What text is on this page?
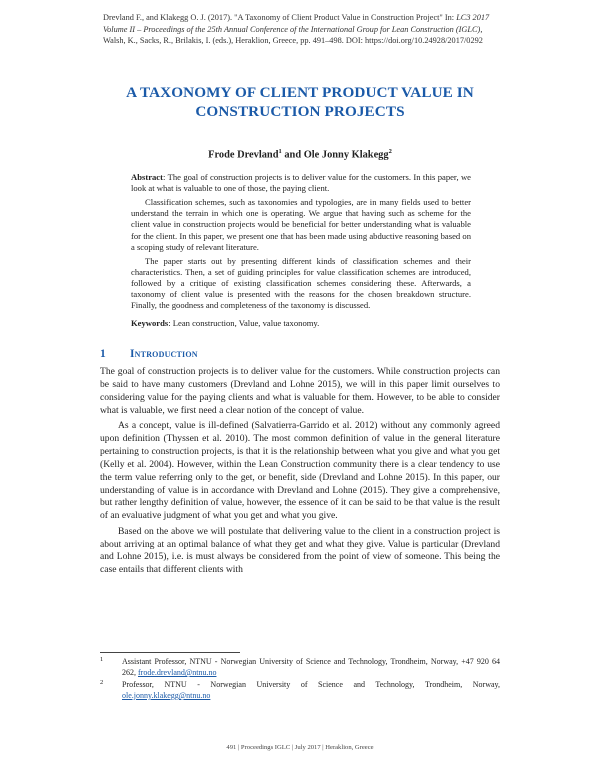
Drevland F., and Klakegg O. J. (2017). "A Taxonomy of Client Product Value in Construction Project" In: LC3 2017 Volume II – Proceedings of the 25th Annual Conference of the International Group for Lean Construction (IGLC), Walsh, K., Sacks, R., Brilakis, I. (eds.), Heraklion, Greece, pp. 491–498. DOI: https://doi.org/10.24928/2017/0292
A TAXONOMY OF CLIENT PRODUCT VALUE IN
CONSTRUCTION PROJECTS
Frode Drevland$^1$ and Ole Jonny Klakegg$^2$

Abstract: The goal of construction projects is to deliver value for the customers. In this paper, we look at what is valuable to one of those, the paying client.

Classification schemes, such as taxonomies and typologies, are in many fields used to better understand the terrain in which one is operating. We argue that having such as scheme for the client value in construction projects would be beneficial for better understanding what is valuable for the client. In this paper, we present one that has been made using abductive reasoning based on a scoping study of relevant literature.

The paper starts out by presenting different kinds of classification schemes and their characteristics. Then, a set of guiding principles for value classification schemes are introduced, followed by a critique of existing classification schemes considering these. Afterwards, a taxonomy of client value is presented with the reasons for the chosen breakdown structure. Finally, the goodness and completeness of the taxonomy is discussed.

Keywords: Lean construction, Value, value taxonomy.
1 Introduction

The goal of construction projects is to deliver value for the customers. While construction projects can be said to have many customers (Drevland and Lohne 2015), we will in this paper limit ourselves to considering value for the paying clients and what is valuable for them. However, to be able to consider what is valuable, we first need a clear notion of the concept of value.

As a concept, value is ill-defined (Salvatierra-Garrido et al. 2012) without any commonly agreed upon definition (Thyssen et al. 2010). The most common definition of value in the general literature pertaining to construction projects, is that it is the relationship between what you give and what you get (Kelly et al. 2004). However, within the Lean Construction community there is a clear tendency to use the term value referring only to the get, or benefit, side (Drevland and Lohne 2015). In this paper, our understanding of value is in accordance with Drevland and Lohne (2015). They give a comprehensive, but rather lengthy definition of value, however, the essence of it can be said to be that value is the result of an evaluative judgment of what you get and what you give.

Based on the above we will postulate that delivering value to the client in a construction project is about arriving at an optimal balance of what they get and what they give. Value is particular (Drevland and Lohne 2015), i.e. is must always be considered from the point of view of someone. This being the case entails that different clients with

1 Assistant Professor, NTNU - Norwegian University of Science and Technology, Trondheim, Norway, +47 920 64 262, frode.drevland@ntnu.no
2 Professor, NTNU - Norwegian University of Science and Technology, Trondheim, Norway, ole.jonny.klakegg@ntnu.no
491 | Proceedings IGLC | July 2017 | Heraklion, Greece
